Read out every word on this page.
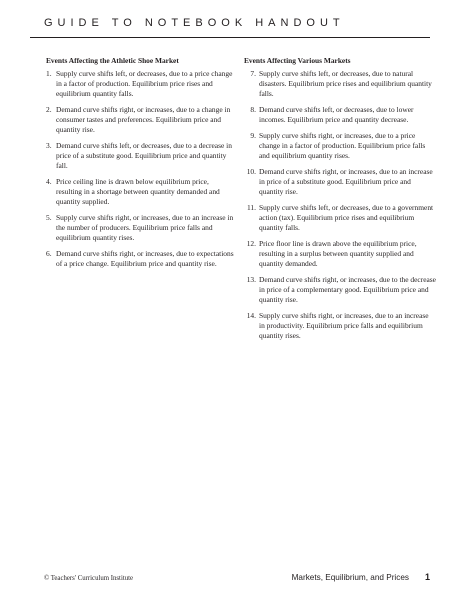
GUIDE TO NOTEBOOK HANDOUT
Events Affecting the Athletic Shoe Market
1. Supply curve shifts left, or decreases, due to a price change in a factor of production. Equilibrium price rises and equilibrium quantity falls.
2. Demand curve shifts right, or increases, due to a change in consumer tastes and preferences. Equilibrium price and quantity rise.
3. Demand curve shifts left, or decreases, due to a decrease in price of a substitute good. Equilibrium price and quantity fall.
4. Price ceiling line is drawn below equilibrium price, resulting in a shortage between quantity demanded and quantity supplied.
5. Supply curve shifts right, or increases, due to an increase in the number of producers. Equilibrium price falls and equilibrium quantity rises.
6. Demand curve shifts right, or increases, due to expectations of a price change. Equilibrium price and quantity rise.
Events Affecting Various Markets
7. Supply curve shifts left, or decreases, due to natural disasters. Equilibrium price rises and equilibrium quantity falls.
8. Demand curve shifts left, or decreases, due to lower incomes. Equilibrium price and quantity decrease.
9. Supply curve shifts right, or increases, due to a price change in a factor of production. Equilibrium price falls and equilibrium quantity rises.
10. Demand curve shifts right, or increases, due to an increase in price of a substitute good. Equilibrium price and quantity rise.
11. Supply curve shifts left, or decreases, due to a government action (tax). Equilibrium price rises and equilibrium quantity falls.
12. Price floor line is drawn above the equilibrium price, resulting in a surplus between quantity supplied and quantity demanded.
13. Demand curve shifts right, or increases, due to the decrease in price of a complementary good. Equilibrium price and quantity rise.
14. Supply curve shifts right, or increases, due to an increase in productivity. Equilibrium price falls and equilibrium quantity rises.
© Teachers' Curriculum Institute	Markets, Equilibrium, and Prices 1
